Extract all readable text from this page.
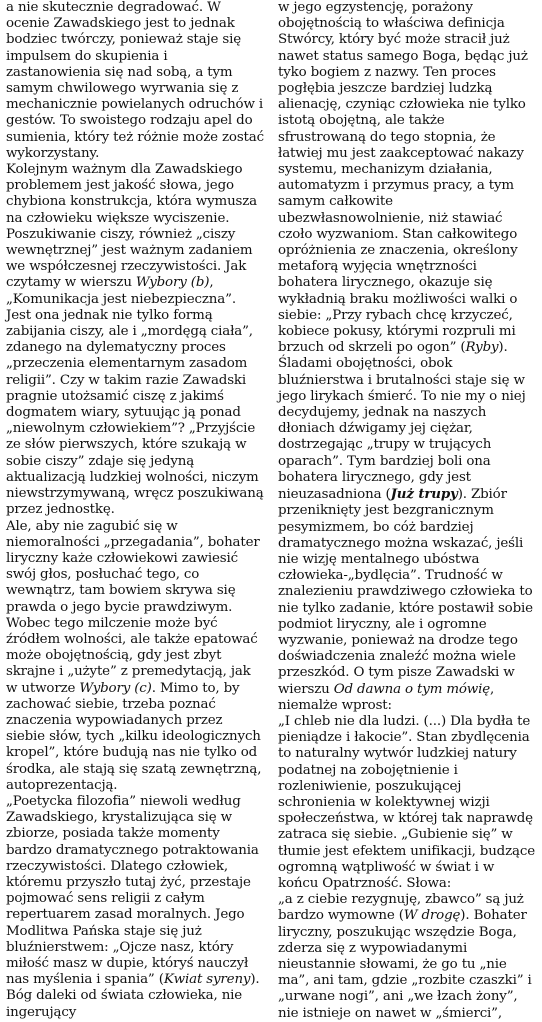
a nie skutecznie degradować. W ocenie Zawadskiego jest to jednak bodziec twórczy, ponieważ staje się impulsem do skupienia i zastanowienia się nad sobą, a tym samym chwilowego wyrwania się z mechanicznie powielanych odruchów i gestów. To swoistego rodzaju apel do sumienia, który też różnie może zostać wykorzystany.

Kolejnym ważnym dla Zawadskiego problemem jest jakość słowa, jego chybiona konstrukcja, która wymusza na człowieku większe wyciszenie. Poszukiwanie ciszy, również „ciszy wewnętrznej” jest ważnym zadaniem we współczesnej rzeczywistości. Jak czytamy w wierszu Wybory (b), „Komunikacja jest niebezpieczna”. Jest ona jednak nie tylko formą zabijania ciszy, ale i „mordęgą ciała”, zdanego na dylematyczny proces „przeczenia elementarnym zasadom religii”. Czy w takim razie Zawadski pragnie utożsamić ciszę z jakimś dogmatem wiary, sytuując ją ponad „niewolnym człowiekiem”? „Przyjście ze słów pierwszych, które szukają w sobie ciszy” zdaje się jedyną aktualizacją ludzkiej wolności, niczym niewstrzymywaną, wręcz poszukiwaną przez jednostkę.

Ale, aby nie zagubić się w niemoralności „przegadania”, bohater liryczny każe człowiekowi zawiesić swój głos, posłuchać tego, co wewnątrz, tam bowiem skrywa się prawda o jego bycie prawdziwym. Wobec tego milczenie może być źródłem wolności, ale także epatować może obojętnością, gdy jest zbyt skrajne i „użyte” z premedytacją, jak w utworze Wybory (c). Mimo to, by zachować siebie, trzeba poznać znaczenia wypowiadanych przez siebie słów, tych „kilku ideologicznych kropel”, które budują nas nie tylko od środka, ale stają się szatą zewnętrzną, autoprezentacją.

„Poetycka filozofia” niewoli według Zawadskiego, krystalizująca się w zbiorze, posiada także momenty bardzo dramatycznego potraktowania rzeczywistości. Dlatego człowiek, któremu przyszło tutaj żyć, przestaje pojmować sens religii z całym repertuarem zasad moralnych. Jego Modlitwa Pańska staje się już bluźnierstwem: „Ojcze nasz, który miłość masz w dupie, któryś nauczył nas myślenia i spania” (Kwiat syreny). Bóg daleki od świata człowieka, nie ingerujący

w jego egzystencję, porażony obojętnością to właściwa definicja Stwórcy, który być może stracił już nawet status samego Boga, będąc już tyko bogiem z nazwy. Ten proces pogłębia jeszcze bardziej ludzką alienację, czyniąc człowieka nie tylko istotą obojętną, ale także sfrustrowaną do tego stopnia, że łatwiej mu jest zaakceptować nakazy systemu, mechanizym działania, automatyzm i przymus pracy, a tym samym całkowite ubezwłasnowolnienie, niż stawiać czoło wyzwaniom. Stan całkowitego opróżnienia ze znaczenia, określony metaforą wyjęcia wnętrzności bohatera lirycznego, okazuje się wykładnią braku możliwości walki o siebie: „Przy rybach chcę krzyczeć, kobiece pokusy, którymi rozpruli mi brzuch od skrzeli po ogon” (Ryby).

Śladami obojętności, obok bluźnierstwa i brutalności staje się w jego lirykach śmierć. To nie my o niej decydujemy, jednak na naszych dłoniach dźwigamy jej ciężar, dostrzegając „trupy w trujących oparach”. Tym bardziej boli ona bohatera lirycznego, gdy jest nieuzasadniona (Już trupy). Zbiór przeniknięty jest bezgranicznym pesymizmem, bo cóż bardziej dramatycznego można wskazać, jeśli nie wizję mentalnego ubóstwa człowieka-„bydlęcia”. Trudność w znalezieniu prawdziwego człowieka to nie tylko zadanie, które postawił sobie podmiot liryczny, ale i ogromne wyzwanie, ponieważ na drodze tego doświadczenia znaleźć można wiele przeszkód. O tym pisze Zawadski w wierszu Od dawna o tym mówię, niemalże wprost:

„I chleb nie dla ludzi. (...) Dla bydła te pieniądze i łakocie”. Stan zbydlęcenia to naturalny wytwór ludzkiej natury podatnej na zobojętnienie i rozleniwienie, poszukującej schronienia w kolektywnej wizji społeczeństwa, w której tak naprawdę zatraca się siebie. „Gubienie się” w tłumie jest efektem unifikacji, budzące ogromną wątpliwość w świat i w końcu Opatrzność. Słowa:

„a z ciebie rezygnuję, zbawco” są już bardzo wymowne (W drogę). Bohater liryczny, poszukując wszędzie Boga, zderza się z wypowiadanymi nieustannie słowami, że go tu „nie ma”, ani tam, gdzie „rozbite czaszki” i „urwane nogi”, ani „we łzach żony”, nie istnieje on nawet w „śmierci”,
